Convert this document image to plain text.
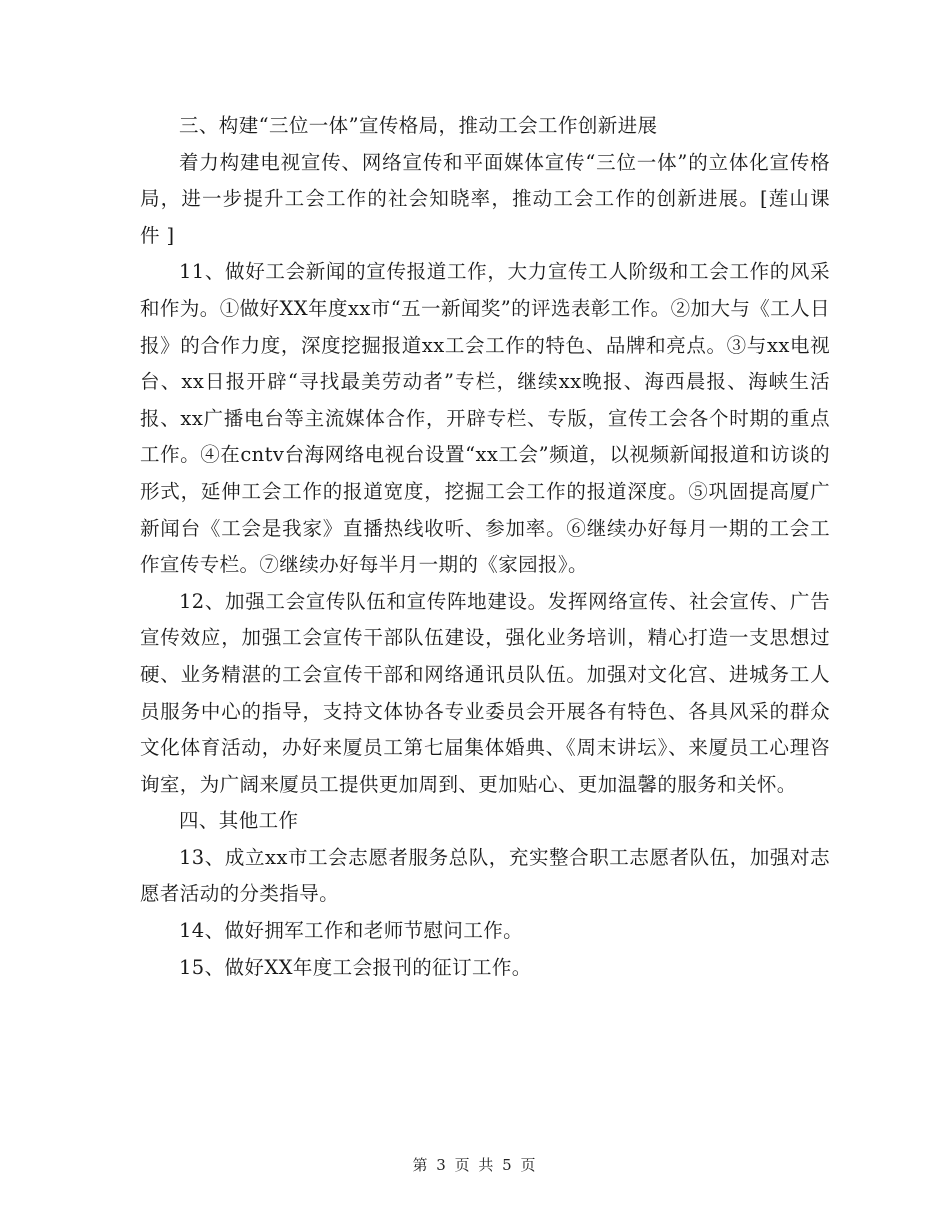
三、构建“三位一体”宣传格局，推动工会工作创新进展

着力构建电视宣传、网络宣传和平面媒体宣传“三位一体”的立体化宣传格局，进一步提升工会工作的社会知晓率，推动工会工作的创新进展。[莲山课 件 ]

11、做好工会新闻的宣传报道工作，大力宣传工人阶级和工会工作的风采和作为。①做好XX年度xx市“五一新闻奖”的评选表彰工作。②加大与《工人日报》的合作力度，深度挖掘报道xx工会工作的特色、品牌和亮点。③与xx电视台、xx日报开辟“寻找最美劳动者”专栏，继续xx晚报、海西晨报、海峡生活报、xx广播电台等主流媒体合作，开辟专栏、专版，宣传工会各个时期的重点工作。④在cntv台海网络电视台设置“xx工会”频道，以视频新闻报道和访谈的形式，延伸工会工作的报道宽度，挖掘工会工作的报道深度。⑤巩固提高厦广新闻台《工会是我家》直播热线收听、参加率。⑥继续办好每月一期的工会工作宣传专栏。⑦继续办好每半月一期的《家园报》。

12、加强工会宣传队伍和宣传阵地建设。发挥网络宣传、社会宣传、广告宣传效应，加强工会宣传干部队伍建设，强化业务培训，精心打造一支思想过硬、业务精湛的工会宣传干部和网络通讯员队伍。加强对文化宫、进城务工人员服务中心的指导，支持文体协各专业委员会开展各有特色、各具风采的群众文化体育活动，办好来厦员工第七届集体婚典、《周末讲坛》、来厦员工心理咨询室，为广阔来厦员工提供更加周到、更加贴心、更加温馨的服务和关怀。

四、其他工作

13、成立xx市工会志愿者服务总队，充实整合职工志愿者队伍，加强对志愿者活动的分类指导。

14、做好拥军工作和老师节慰问工作。

15、做好XX年度工会报刊的征订工作。

第 3 页 共 5 页
